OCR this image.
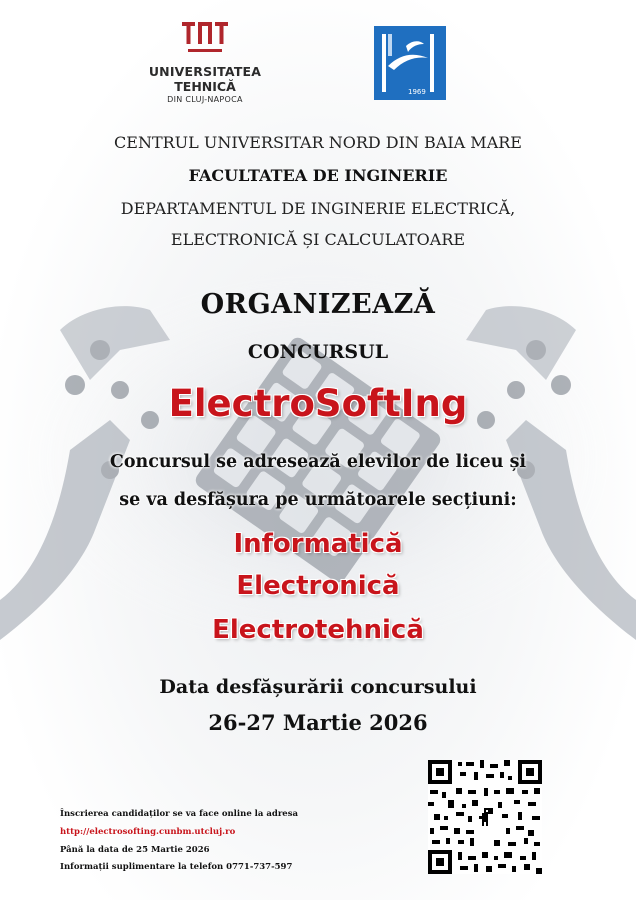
UNIVERSITATEA
TEHNICĂ
DIN CLUJ-NAPOCA
1969
CENTRUL UNIVERSITAR NORD DIN BAIA MARE
FACULTATEA DE INGINERIE
DEPARTAMENTUL DE INGINERIE ELECTRICĂ,
ELECTRONICĂ ȘI CALCULATOARE
ORGANIZEAZĂ
CONCURSUL
ElectroSoftIng
Concursul se adresează elevilor de liceu și
se va desfășura pe următoarele secțiuni:
Informatică
Electronică
Electrotehnică
Data desfășurării concursului
26-27 Martie 2026
Înscrierea candidaților se va face online la adresa
http://electrosofting.cunbm.utcluj.ro
Până la data de 25 Martie 2026
Informații suplimentare la telefon 0771-737-597
